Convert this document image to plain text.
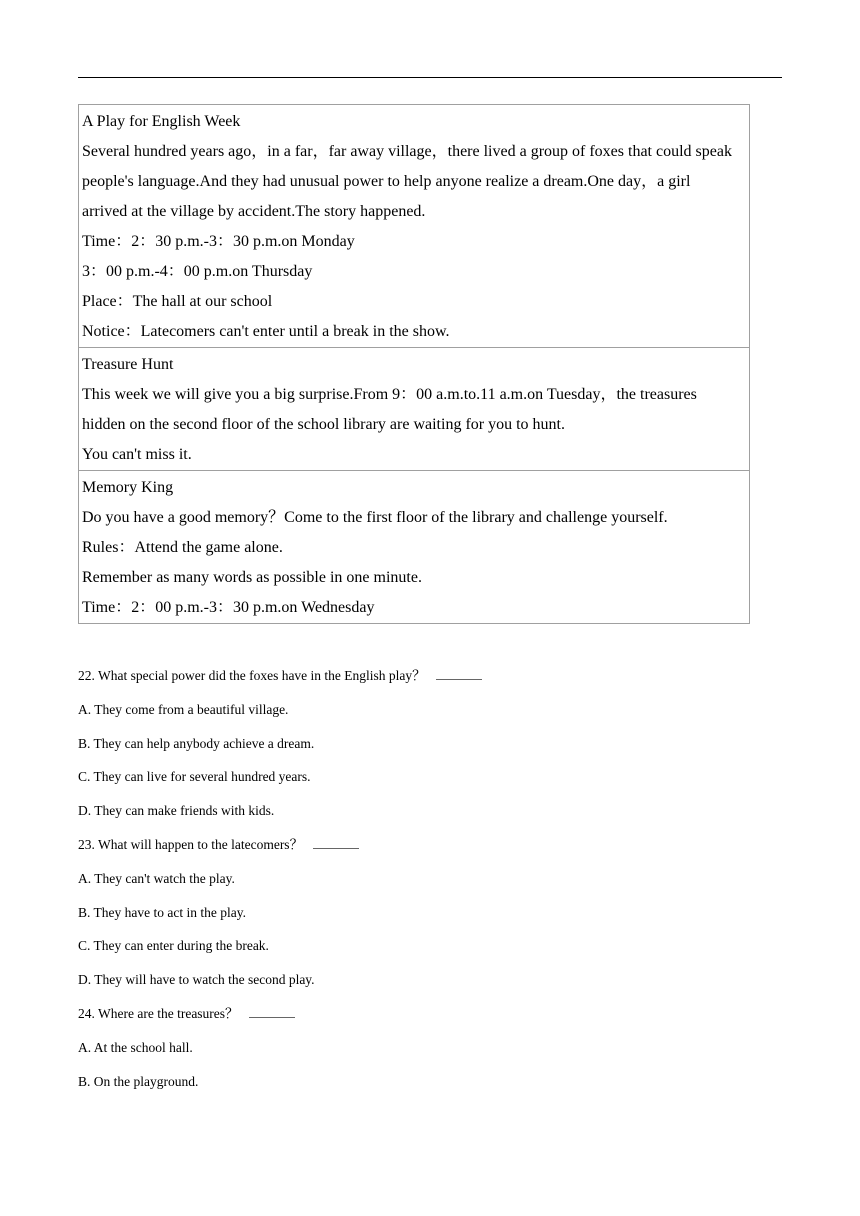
A Play for English Week
Several hundred years ago，in a far，far away village，there lived a group of foxes that could speak
people's language.And they had unusual power to help anyone realize a dream.One day，a girl
arrived at the village by accident.The story happened.
Time：2：30 p.m.-3：30 p.m.on Monday
3：00 p.m.-4：00 p.m.on Thursday
Place：The hall at our school
Notice：Latecomers can't enter until a break in the show.
Treasure Hunt
This week we will give you a big surprise.From 9：00 a.m.to.11 a.m.on Tuesday，the treasures
hidden on the second floor of the school library are waiting for you to hunt.
You can't miss it.
Memory King
Do you have a good memory？Come to the first floor of the library and challenge yourself.
Rules：Attend the game alone.
Remember as many words as possible in one minute.
Time：2：00 p.m.-3：30 p.m.on Wednesday
22. What special power did the foxes have in the English play？
A. They come from a beautiful village.
B. They can help anybody achieve a dream.
C. They can live for several hundred years.
D. They can make friends with kids.
23. What will happen to the latecomers？
A. They can't watch the play.
B. They have to act in the play.
C. They can enter during the break.
D. They will have to watch the second play.
24. Where are the treasures？
A. At the school hall.
B. On the playground.
